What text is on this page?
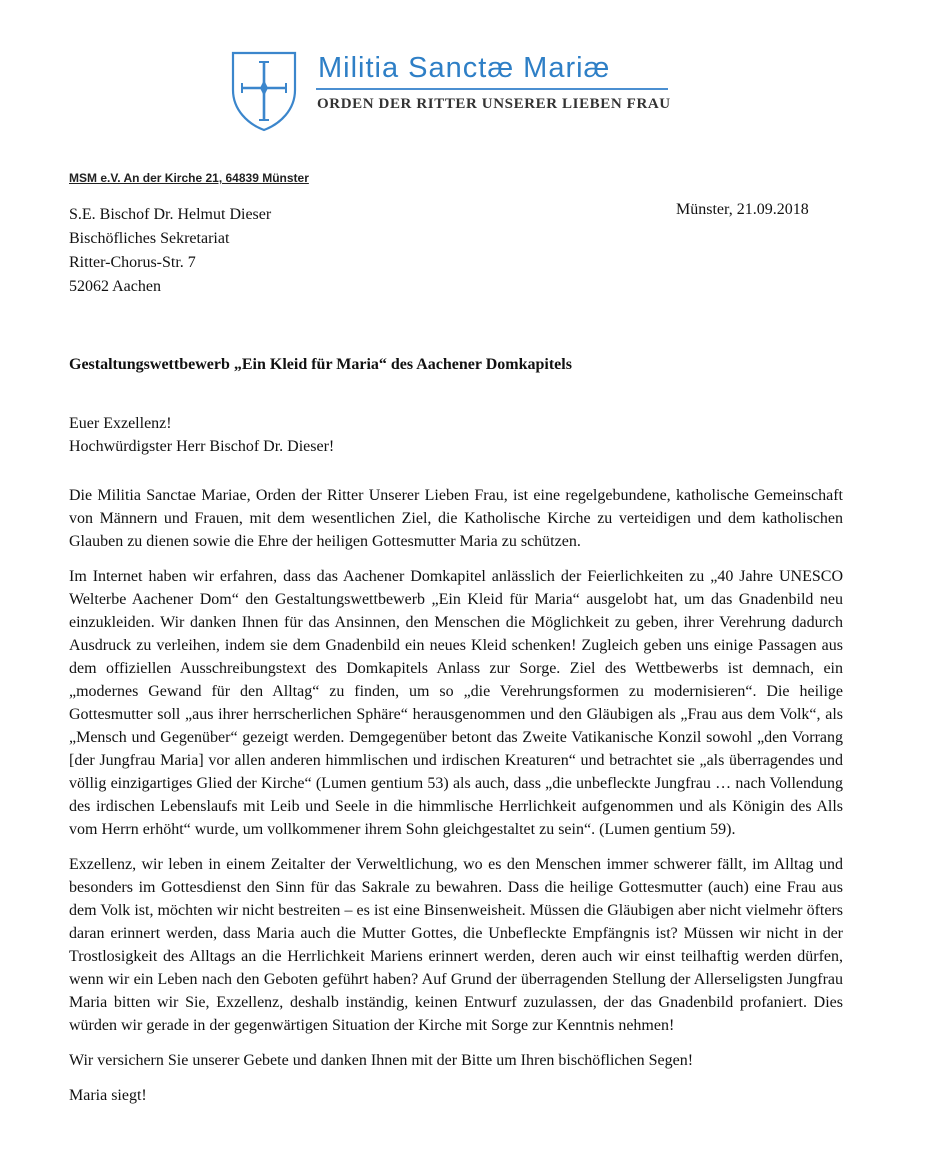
Militia Sanctæ Mariæ
ORDEN DER RITTER UNSERER LIEBEN FRAU
MSM e.V. An der Kirche 21, 64839 Münster
S.E. Bischof Dr. Helmut Dieser
Bischöfliches Sekretariat
Ritter-Chorus-Str. 7
52062 Aachen
Münster, 21.09.2018
Gestaltungswettbewerb „Ein Kleid für Maria“ des Aachener Domkapitels
Euer Exzellenz!
Hochwürdigster Herr Bischof Dr. Dieser!

Die Militia Sanctae Mariae, Orden der Ritter Unserer Lieben Frau, ist eine regelgebundene, katholische Gemeinschaft von Männern und Frauen, mit dem wesentlichen Ziel, die Katholische Kirche zu verteidigen und dem katholischen Glauben zu dienen sowie die Ehre der heiligen Gottesmutter Maria zu schützen.

Im Internet haben wir erfahren, dass das Aachener Domkapitel anlässlich der Feierlichkeiten zu „40 Jahre UNESCO Welterbe Aachener Dom“ den Gestaltungswettbewerb „Ein Kleid für Maria“ ausgelobt hat, um das Gnadenbild neu einzukleiden. Wir danken Ihnen für das Ansinnen, den Menschen die Möglichkeit zu geben, ihrer Verehrung dadurch Ausdruck zu verleihen, indem sie dem Gnadenbild ein neues Kleid schenken! Zugleich geben uns einige Passagen aus dem offiziellen Ausschreibungstext des Domkapitels Anlass zur Sorge. Ziel des Wettbewerbs ist demnach, ein „modernes Gewand für den Alltag“ zu finden, um so „die Verehrungsformen zu modernisieren“. Die heilige Gottesmutter soll „aus ihrer herrscherlichen Sphäre“ herausgenommen und den Gläubigen als „Frau aus dem Volk“, als „Mensch und Gegenüber“ gezeigt werden. Demgegenüber betont das Zweite Vatikanische Konzil sowohl „den Vorrang [der Jungfrau Maria] vor allen anderen himmlischen und irdischen Kreaturen“ und betrachtet sie „als überragendes und völlig einzigartiges Glied der Kirche“ (Lumen gentium 53) als auch, dass „die unbefleckte Jungfrau … nach Vollendung des irdischen Lebenslaufs mit Leib und Seele in die himmlische Herrlichkeit aufgenommen und als Königin des Alls vom Herrn erhöht“ wurde, um vollkommener ihrem Sohn gleichgestaltet zu sein“. (Lumen gentium 59).

Exzellenz, wir leben in einem Zeitalter der Verweltlichung, wo es den Menschen immer schwerer fällt, im Alltag und besonders im Gottesdienst den Sinn für das Sakrale zu bewahren. Dass die heilige Gottesmutter (auch) eine Frau aus dem Volk ist, möchten wir nicht bestreiten – es ist eine Binsenweisheit. Müssen die Gläubigen aber nicht vielmehr öfters daran erinnert werden, dass Maria auch die Mutter Gottes, die Unbefleckte Empfängnis ist? Müssen wir nicht in der Trostlosigkeit des Alltags an die Herrlichkeit Mariens erinnert werden, deren auch wir einst teilhaftig werden dürfen, wenn wir ein Leben nach den Geboten geführt haben? Auf Grund der überragenden Stellung der Allerseligsten Jungfrau Maria bitten wir Sie, Exzellenz, deshalb inständig, keinen Entwurf zuzulassen, der das Gnadenbild profaniert. Dies würden wir gerade in der gegenwärtigen Situation der Kirche mit Sorge zur Kenntnis nehmen!

Wir versichern Sie unserer Gebete und danken Ihnen mit der Bitte um Ihren bischöflichen Segen!

Maria siegt!
